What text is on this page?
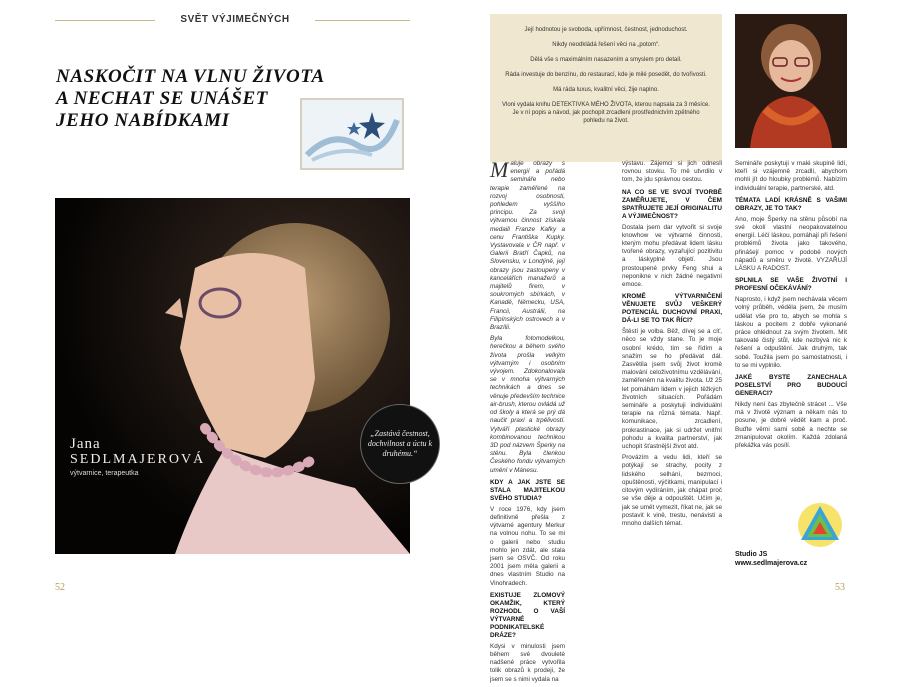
SVĚT VÝJIMEČNÝCH
NASKOČIT NA VLNU ŽIVOTA
A NECHAT SE UNÁŠET
JEHO NABÍDKAMI
Jana
SEDLMAJEROVÁ
výtvarnice, terapeutka
„Zastává čestnost, dochvilnost a úctu k druhému.“
52

Její hodnotou je svoboda, upřímnost, čestnost, jednoduchost.

Nikdy neodkládá řešení věci na „potom“.

Dělá vše s maximálním nasazením a smyslem pro detail.

Ráda investuje do benzínu, do restaurací, kde je milé posedět, do tvořivosti.

Má ráda luxus, kvalitní věci, žije naplno.

Vloni vydala knihu DETEKTIVKA MÉHO ŽIVOTA, kterou napsala za 3 měsíce. Je v ní popis a návod, jak pochopit zrcadlení prostřednictvím zpětného pohledu na život.

Maluje obrazy s energií a pořádá semináře nebo terapie zaměřené na rozvoj osobnosti, pohledem vyššího principu. Za svoji výtvarnou činnost získala medaili Franze Kafky a cenu Františka Kupky. Vystavovala v ČR např. v Galerii Bratří Čapků, na Slovensku, v Londýně, její obrazy jsou zastoupeny v kancelářích manažerů a majitelů firem, v soukromých sbírkách, v Kanadě, Německu, USA, Francii, Austrálii, na Filipínských ostrovech a v Brazílii.

Byla fotomodelkou, herečkou a během svého života prošla velkým výtvarným i osobním vývojem. Zdokonalovala se v mnoha výtvarných technikách a dnes se věnuje především technice air-brush, kterou ovládá už od školy a která se prý dá naučit praxí a trpělivostí. Vytváří plastické obrazy kombinovanou technikou 3D pod názvem Šperky na stěnu. Byla členkou Českého fondu výtvarných umění v Mánesu.

KDY A JAK JSTE SE STALA MAJITELKOU SVÉHO STUDIA?

V roce 1976, kdy jsem definitivně přešla z výtvarné agentury Merkur na volnou nohu. To se mi o galerii nebo studiu mohlo jen zdát, ale stala jsem se OSVČ. Od roku 2001 jsem měla galerii a dnes vlastním Studio na Vinohradech.

EXISTUJE ZLOMOVÝ OKAMŽIK, KTERÝ ROZHODL O VAŠÍ VÝTVARNÉ PODNIKATELSKÉ DRÁZE?

Kdysi v minulosti jsem během své dvouleté nadšené práce vytvořila tolik obrazů k prodeji, že jsem se s nimi vydala na

výstavu. Zájemci si jich odnesli rovnou stovku. To mě utvrdilo v tom, že jdu správnou cestou.

NA CO SE VE SVOJÍ TVORBĚ ZAMĚŘUJETE, V ČEM SPATŘUJETE JEJÍ ORIGINALITU A VÝJIMEČNOST?

Dostala jsem dar vytvořit si svoje knowhow ve výtvarné činnosti, kterým mohu předávat lidem lásku tvořené obrazy, vyzařující pozitivitu a láskyplné objetí. Jsou prostoupené prvky Feng shui a neponikne v nich žádné negativní emoce.

KROMĚ VÝTVARNIČENÍ VĚNUJETE SVŮJ VEŠKERÝ POTENCIÁL DUCHOVNÍ PRAXI, DÁ-LI SE TO TAK ŘÍCI?

Štěstí je volba. Běž, dívej se a cíť, něco se vždy stane. To je moje osobní krédo, tím se řídím a snažím se ho předávat dál. Zasvětila jsem svůj život kromě malování celoživotnímu vzdělávání, zaměřeném na kvalitu života. Už 25 let pomáhám lidem v jejich těžkých životních situacích. Pořádám semináře a poskytuji individuální terapie na různá témata. Např. komunikace, zrcadlení, prokrastinace, jak si udržet vnitřní pohodu a kvalita partnerství, jak uchopit šťastnější život atd.

Provázím a vedu lidi, kteří se potýkají se strachy, pocity z lidského selhání, bezmoci, opuštěnosti, výčitkami, manipulací i citovým vydíráním, jak chápat proč se vše děje a odpouštět. Učím je, jak se umět vymezit, říkat ne, jak se postavit k vině, trestu, nenávisti a mnoho dalších témat.

Semináře poskytuji v malé skupině lidí, kteří si vzájemně zrcadlí, abychom mohli jít do hloubky problémů. Nabízím individuální terapie, partnerské, atd.

TÉMATA LADÍ KRÁSNĚ S VAŠIMI OBRAZY, JE TO TAK?

Ano, moje Šperky na stěnu působí na své okolí vlastní neopakovatelnou energií. Léčí láskou, pomáhají při řešení problémů života jako takového, přinášejí pomoc v podobě nových nápadů a směru v životě. VYZAŘUJÍ LÁSKU A RADOST.

SPLNILA SE VAŠE ŽIVOTNÍ I PROFESNÍ OČEKÁVÁNÍ?

Naprosto, i když jsem nechávala věcem volný průběh, věděla jsem, že musím udělat vše pro to, abych se mohla s láskou a pocitem z dobře vykonané práce ohlédnout za svým životem. Mít takovaté čistý stůl, kde nezbývá nic k řešení a odpuštění. Jak druhým, tak sobě. Toužila jsem po samostatnosti, i to se mi vyplnilo.

JAKÉ BYSTE ZANECHALA POSELSTVÍ PRO BUDOUCÍ GENERACI?

Nikdy není čas zbytečně strácet ... Vše má v životě význam a někam nás to posune, je dobré vědět kam a proč. Buďte věrni sami sobě a nechte se zmanipulovat okolím. Každá zdolaná překážka vás posílí.

Studio JS
www.sedlmajerova.cz
53
